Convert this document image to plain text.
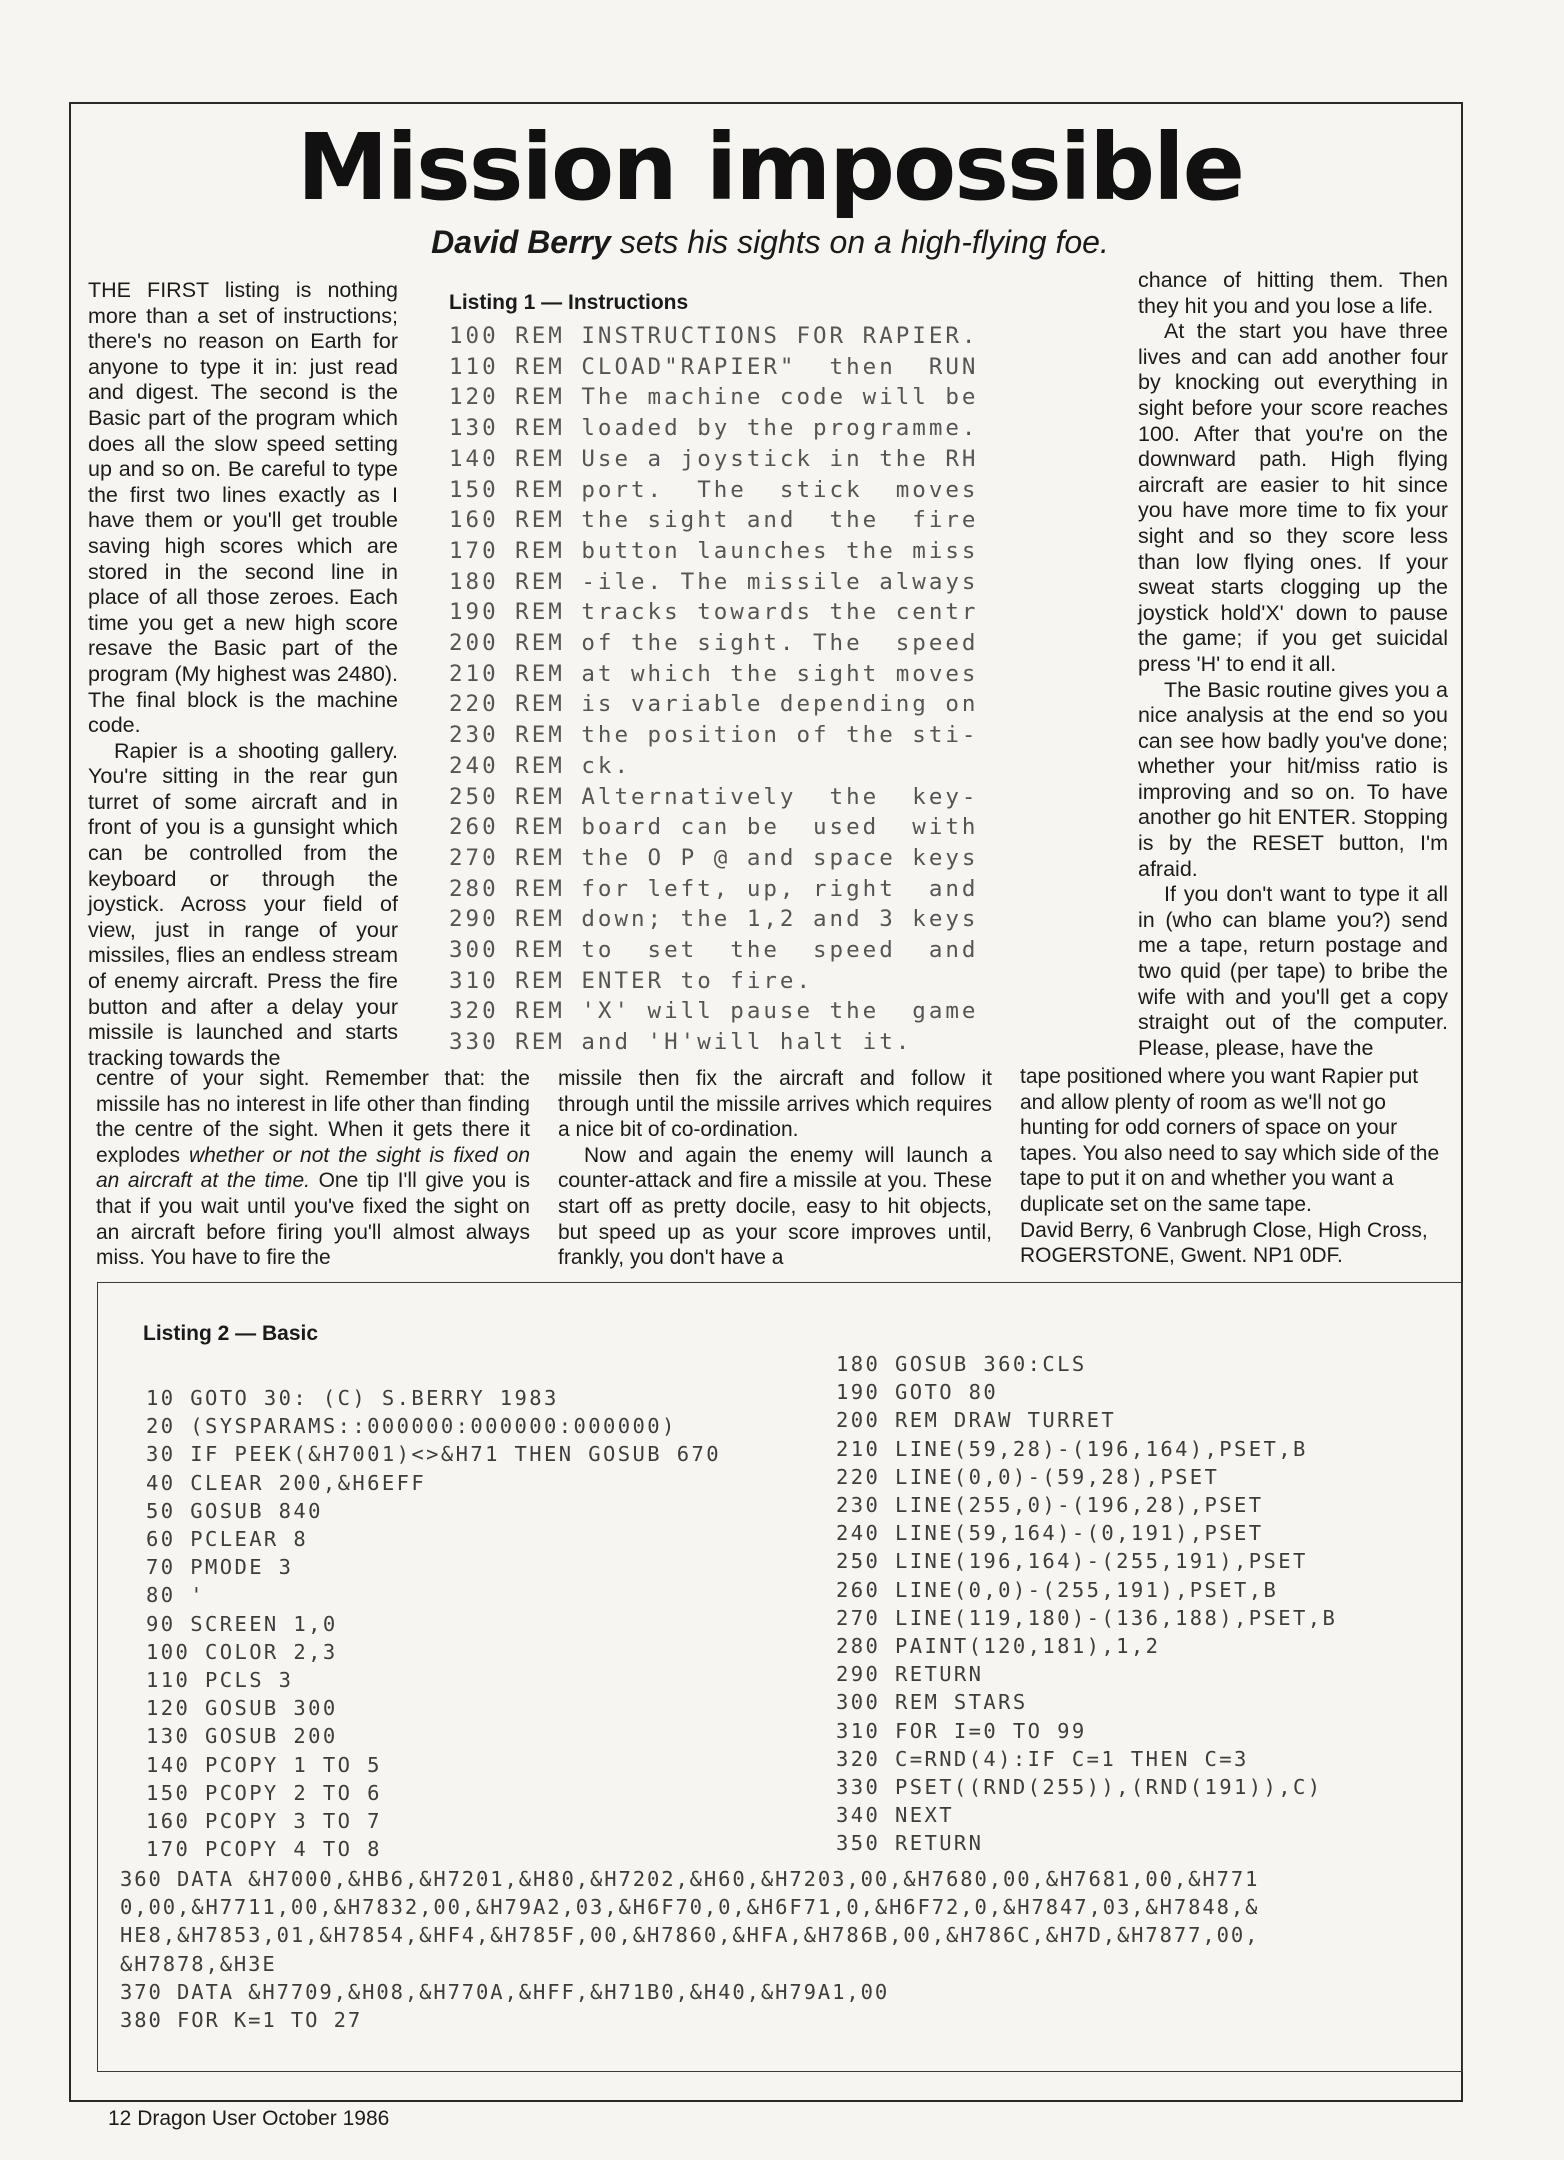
Mission impossible
David Berry sets his sights on a high-flying foe.

THE FIRST listing is nothing more than a set of instructions; there's no reason on Earth for anyone to type it in: just read and digest. The second is the Basic part of the program which does all the slow speed setting up and so on. Be careful to type the first two lines exactly as I have them or you'll get trouble saving high scores which are stored in the second line in place of all those zeroes. Each time you get a new high score resave the Basic part of the program (My highest was 2480). The final block is the machine code.

Rapier is a shooting gallery. You're sitting in the rear gun turret of some aircraft and in front of you is a gunsight which can be controlled from the keyboard or through the joystick. Across your field of view, just in range of your missiles, flies an endless stream of enemy aircraft. Press the fire button and after a delay your missile is launched and starts tracking towards the

Listing 1 — Instructions
100 REM INSTRUCTIONS FOR RAPIER.
110 REM CLOAD"RAPIER"  then  RUN
120 REM The machine code will be
130 REM loaded by the programme.
140 REM Use a joystick in the RH
150 REM port.  The  stick  moves
160 REM the sight and  the  fire
170 REM button launches the miss
180 REM -ile. The missile always
190 REM tracks towards the centr
200 REM of the sight. The  speed
210 REM at which the sight moves
220 REM is variable depending on
230 REM the position of the sti-
240 REM ck.
250 REM Alternatively  the  key-
260 REM board can be  used  with
270 REM the O P @ and space keys
280 REM for left, up, right  and
290 REM down; the 1,2 and 3 keys
300 REM to  set  the  speed  and
310 REM ENTER to fire.
320 REM 'X' will pause the  game
330 REM and 'H'will halt it.

chance of hitting them. Then they hit you and you lose a life.

At the start you have three lives and can add another four by knocking out everything in sight before your score reaches 100. After that you're on the downward path. High flying aircraft are easier to hit since you have more time to fix your sight and so they score less than low flying ones. If your sweat starts clogging up the joystick hold'X' down to pause the game; if you get suicidal press 'H' to end it all.

The Basic routine gives you a nice analysis at the end so you can see how badly you've done; whether your hit/miss ratio is improving and so on. To have another go hit ENTER. Stopping is by the RESET button, I'm afraid.

If you don't want to type it all in (who can blame you?) send me a tape, return postage and two quid (per tape) to bribe the wife with and you'll get a copy straight out of the computer. Please, please, have the

centre of your sight. Remember that: the missile has no interest in life other than finding the centre of the sight. When it gets there it explodes whether or not the sight is fixed on an aircraft at the time. One tip I'll give you is that if you wait until you've fixed the sight on an aircraft before firing you'll almost always miss. You have to fire the

missile then fix the aircraft and follow it through until the missile arrives which requires a nice bit of co-ordination.

Now and again the enemy will launch a counter-attack and fire a missile at you. These start off as pretty docile, easy to hit objects, but speed up as your score improves until, frankly, you don't have a

tape positioned where you want Rapier put and allow plenty of room as we'll not go hunting for odd corners of space on your tapes. You also need to say which side of the tape to put it on and whether you want a duplicate set on the same tape.

David Berry, 6 Vanbrugh Close, High Cross, ROGERSTONE, Gwent. NP1 0DF.

Listing 2 — Basic
10 GOTO 30: (C) S.BERRY 1983
20 (SYSPARAMS::000000:000000:000000)
30 IF PEEK(&H7001)<>&H71 THEN GOSUB 670
40 CLEAR 200,&H6EFF
50 GOSUB 840
60 PCLEAR 8
70 PMODE 3
80 '
90 SCREEN 1,0
100 COLOR 2,3
110 PCLS 3
120 GOSUB 300
130 GOSUB 200
140 PCOPY 1 TO 5
150 PCOPY 2 TO 6
160 PCOPY 3 TO 7
170 PCOPY 4 TO 8
180 GOSUB 360:CLS
190 GOTO 80
200 REM DRAW TURRET
210 LINE(59,28)-(196,164),PSET,B
220 LINE(0,0)-(59,28),PSET
230 LINE(255,0)-(196,28),PSET
240 LINE(59,164)-(0,191),PSET
250 LINE(196,164)-(255,191),PSET
260 LINE(0,0)-(255,191),PSET,B
270 LINE(119,180)-(136,188),PSET,B
280 PAINT(120,181),1,2
290 RETURN
300 REM STARS
310 FOR I=0 TO 99
320 C=RND(4):IF C=1 THEN C=3
330 PSET((RND(255)),(RND(191)),C)
340 NEXT
350 RETURN
360 DATA &H7000,&HB6,&H7201,&H80,&H7202,&H60,&H7203,00,&H7680,00,&H7681,00,&H771
0,00,&H7711,00,&H7832,00,&H79A2,03,&H6F70,0,&H6F71,0,&H6F72,0,&H7847,03,&H7848,&
HE8,&H7853,01,&H7854,&HF4,&H785F,00,&H7860,&HFA,&H786B,00,&H786C,&H7D,&H7877,00,
&H7878,&H3E
370 DATA &H7709,&H08,&H770A,&HFF,&H71B0,&H40,&H79A1,00
380 FOR K=1 TO 27
12 Dragon User October 1986
